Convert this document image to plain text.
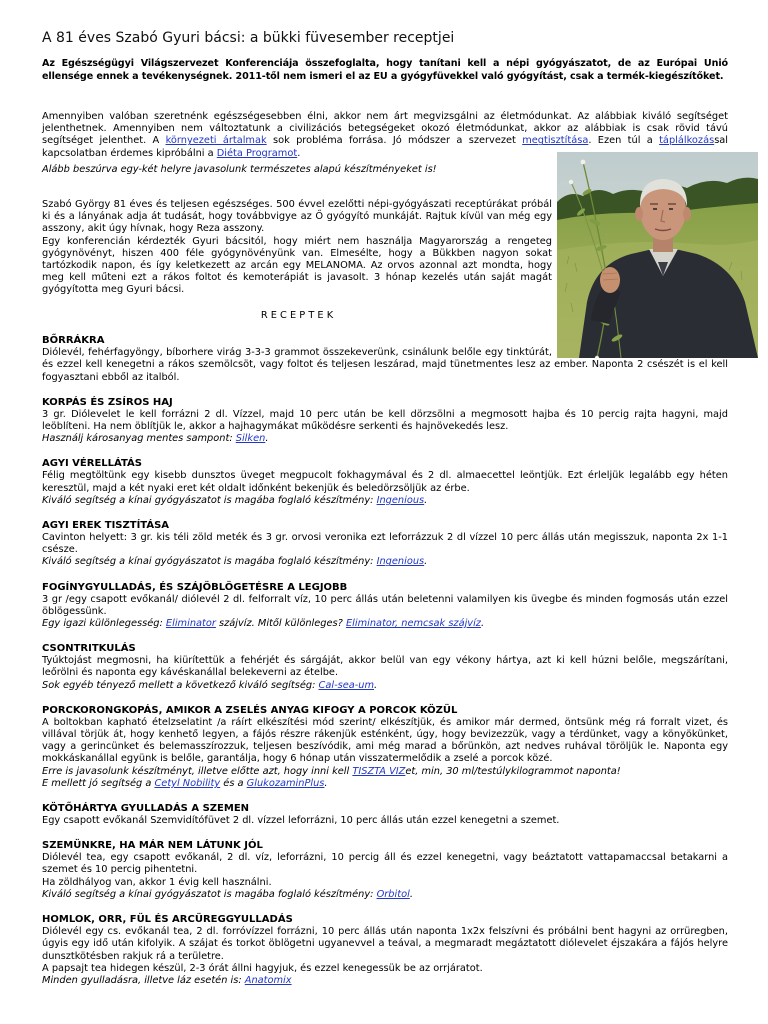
A 81 éves Szabó Gyuri bácsi: a bükki füvesember receptjei

Az Egészségügyi Világszervezet Konferenciája összefoglalta, hogy tanítani kell a népi gyógyászatot, de az Európai Unió ellensége ennek a tevékenységnek. 2011-től nem ismeri el az EU a gyógyfüvekkel való gyógyítást, csak a termék-kiegészítőket.

Amennyiben valóban szeretnénk egészségesebben élni, akkor nem árt megvizsgálni az életmódunkat. Az alábbiak kiváló segítséget jelenthetnek. Amennyiben nem változtatunk a civilizációs betegségeket okozó életmódunkat, akkor az alábbiak is csak rövid távú segítséget jelenthet. A környezeti ártalmak sok probléma forrása. Jó módszer a szervezet megtisztítása. Ezen túl a táplálkozással kapcsolatban érdemes kipróbálni a Diéta Programot.

Alább beszúrva egy-két helyre javasolunk természetes alapú készítményeket is!

Szabó György 81 éves és teljesen egészséges. 500 évvel ezelőtti népi-gyógyászati receptúrákat próbál ki és a lányának adja át tudását, hogy továbbvigye az Ő gyógyító munkáját. Rajtuk kívül van még egy asszony, akit úgy hívnak, hogy Reza asszony.

Egy konferencián kérdezték Gyuri bácsitól, hogy miért nem használja Magyarország a rengeteg gyógynövényt, hiszen 400 féle gyógynövényünk van. Elmesélte, hogy a Bükkben nagyon sokat tartózkodik napon, és így keletkezett az arcán egy MELANOMA. Az orvos azonnal azt mondta, hogy meg kell műteni ezt a rákos foltot és kemoterápiát is javasolt. 3 hónap kezelés után saját magát gyógyította meg Gyuri bácsi.

R E C E P T E K

BŐRRÁKRA

Diólevél, fehérfagyöngy, bíborhere virág 3-3-3 grammot összekeverünk, csinálunk belőle egy tinktúrát, és ezzel kell kenegetni a rákos szemölcsöt, vagy foltot és teljesen leszárad, majd tünetmentes lesz az ember. Naponta 2 csészét is el kell fogyasztani ebből az italból.

KORPÁS ÉS ZSÍROS HAJ

3 gr. Diólevelet le kell forrázni 2 dl. Vízzel, majd 10 perc után be kell dörzsölni a megmosott hajba és 10 percig rajta hagyni, majd leöblíteni. Ha nem öblítjük le, akkor a hajhagymákat működésre serkenti és hajnövekedés lesz.

Használj károsanyag mentes sampont: Silken.

AGYI VÉRELLÁTÁS

Félig megtöltünk egy kisebb dunsztos üveget megpucolt fokhagymával és 2 dl. almaecettel leöntjük. Ezt érleljük legalább egy héten keresztül, majd a két nyaki eret két oldalt időnként bekenjük és beledörzsöljük az érbe.

Kiváló segítség a kínai gyógyászatot is magába foglaló készítmény: Ingenious.

AGYI EREK TISZTÍTÁSA

Cavinton helyett: 3 gr. kis téli zöld meték és 3 gr. orvosi veronika ezt leforrázzuk 2 dl vízzel 10 perc állás után megisszuk, naponta 2x 1-1 csésze.

Kiváló segítség a kínai gyógyászatot is magába foglaló készítmény: Ingenious.

FOGÍNYGYULLADÁS, ÉS SZÁJÖBLÖGETÉSRE A LEGJOBB

3 gr /egy csapott evőkanál/ diólevél 2 dl. felforralt víz, 10 perc állás után beletenni valamilyen kis üvegbe és minden fogmosás után ezzel öblögessünk.

Egy igazi különlegesség: Eliminator szájvíz. Mitől különleges? Eliminator, nemcsak szájvíz.

CSONTRITKULÁS

Tyúktojást megmosni, ha kiürítettük a fehérjét és sárgáját, akkor belül van egy vékony hártya, azt ki kell húzni belőle, megszárítani, leőrölni és naponta egy kávéskanállal belekeverni az ételbe.

Sok egyéb tényező mellett a következő kiváló segítség: Cal-sea-um.

PORCKORONGKOPÁS, AMIKOR A ZSELÉS ANYAG KIFOGY A PORCOK KÖZÜL

A boltokban kapható ételzselatint /a ráírt elkészítési mód szerint/ elkészítjük, és amikor már dermed, öntsünk még rá forralt vizet, és villával törjük át, hogy kenhető legyen, a fájós részre rákenjük esténként, úgy, hogy bevizezzük, vagy a térdünket, vagy a könyökünket, vagy a gerincünket és belemasszírozzuk, teljesen beszívódik, ami még marad a bőrünkön, azt nedves ruhával töröljük le. Naponta egy mokkáskanállal együnk is belőle, garantálja, hogy 6 hónap után visszatermelődik a zselé a porcok közé.

Erre is javasolunk készítményt, illetve előtte azt, hogy inni kell TISZTA VIZet, min, 30 ml/testúlykilogrammot naponta!

E mellett jó segítség a Cetyl Nobility és a GlukozaminPlus.

KÖTŐHÁRTYA GYULLADÁS A SZEMEN

Egy csapott evőkanál Szemvidítófüvet 2 dl. vízzel leforrázni, 10 perc állás után ezzel kenegetni a szemet.

SZEMÜNKRE, HA MÁR NEM LÁTUNK JÓL

Diólevél tea, egy csapott evőkanál, 2 dl. víz, leforrázni, 10 percig áll és ezzel kenegetni, vagy beáztatott vattapamaccsal betakarni a szemet és 10 percig pihentetni.

Ha zöldhályog van, akkor 1 évig kell használni.

Kiváló segítség a kínai gyógyászatot is magába foglaló készítmény: Orbitol.

HOMLOK, ORR, FÜL ÉS ARCÜREGGYULLADÁS

Diólevél egy cs. evőkanál tea, 2 dl. forróvízzel forrázni, 10 perc állás után naponta 1x2x felszívni és próbálni bent hagyni az orrüregben, úgyis egy idő után kifolyik. A szájat és torkot öblögetni ugyanevvel a teával, a megmaradt megáztatott diólevelet éjszakára a fájós helyre dunsztkötésben rakjuk rá a területre.

A papsajt tea hidegen készül, 2-3 órát állni hagyjuk, és ezzel kenegessük be az orrjáratot.

Minden gyulladásra, illetve láz esetén is: Anatomix
